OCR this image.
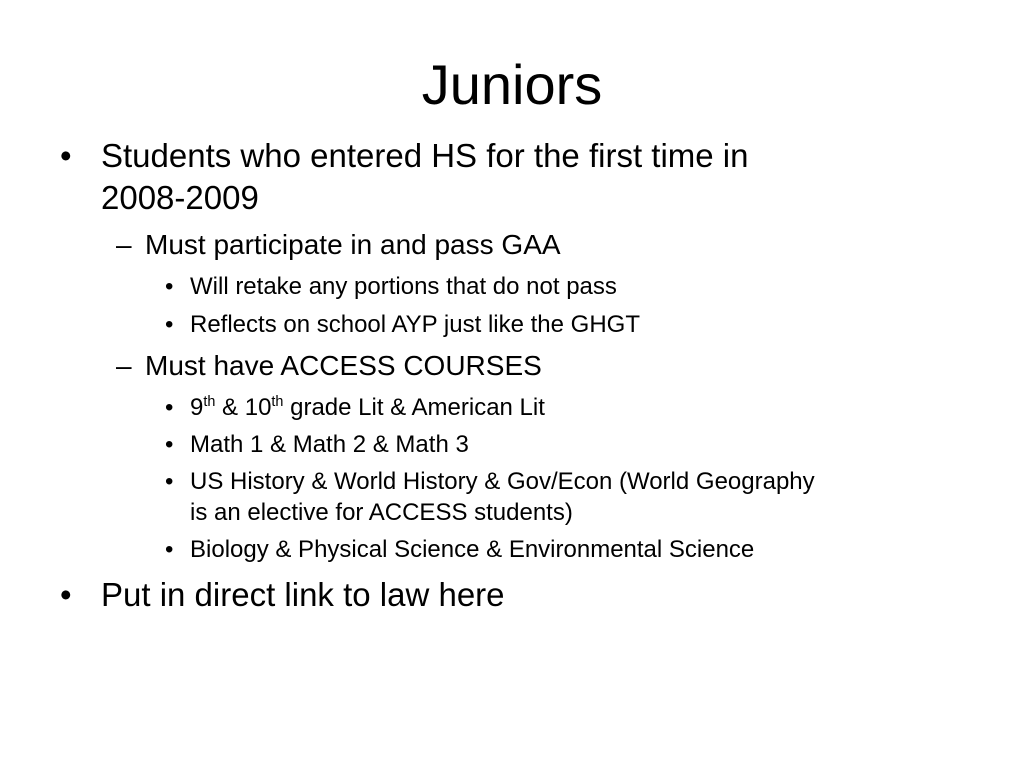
Juniors
• Students who entered HS for the first time in
2008-2009
– Must participate in and pass GAA
• Will retake any portions that do not pass
• Reflects on school AYP just like the GHGT
– Must have ACCESS COURSES
• 9th & 10th grade Lit & American Lit
• Math 1 & Math 2 & Math 3
• US History & World History & Gov/Econ (World Geography
is an elective for ACCESS students)
• Biology & Physical Science & Environmental Science
• Put in direct link to law here
